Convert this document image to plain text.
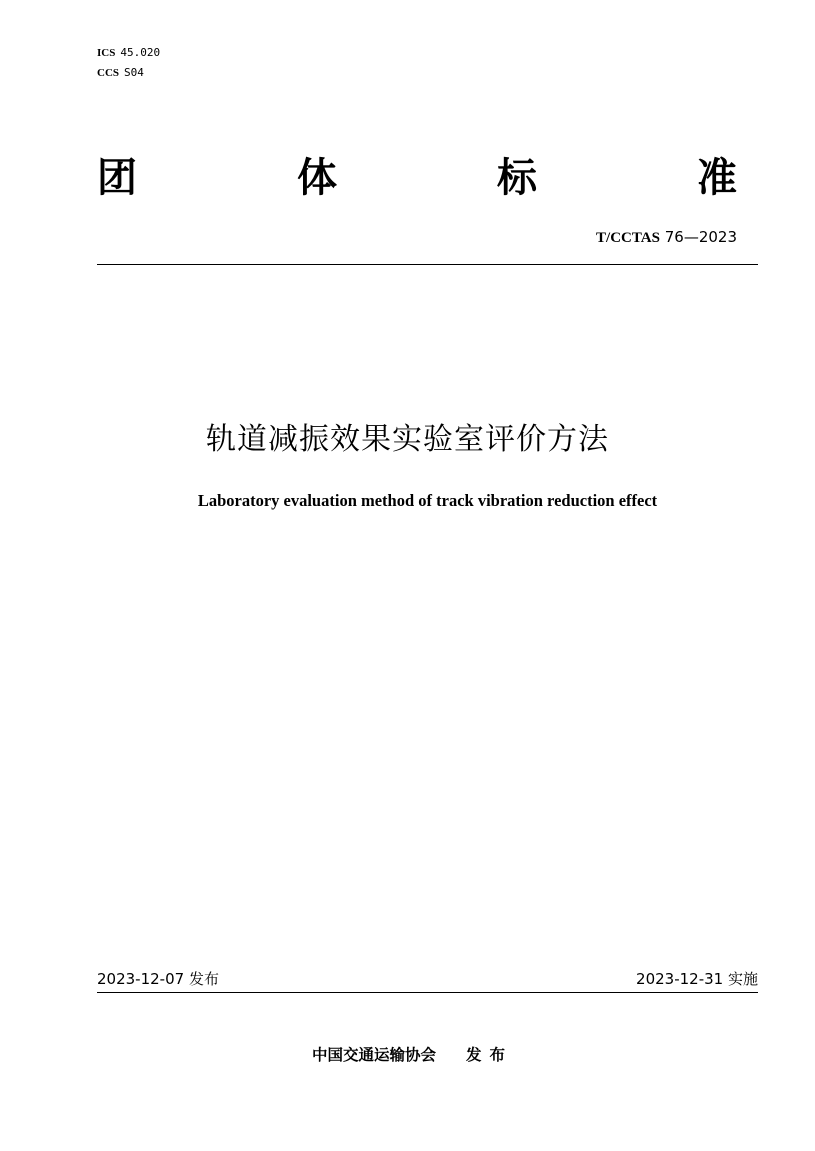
ICS 45.020
CCS S04
团	体	标	准
T/CCTAS 76—2023
轨道减振效果实验室评价方法
Laboratory evaluation method of track vibration reduction effect
2023-12-07 发布	2023-12-31 实施
中国交通运输协会 发布
